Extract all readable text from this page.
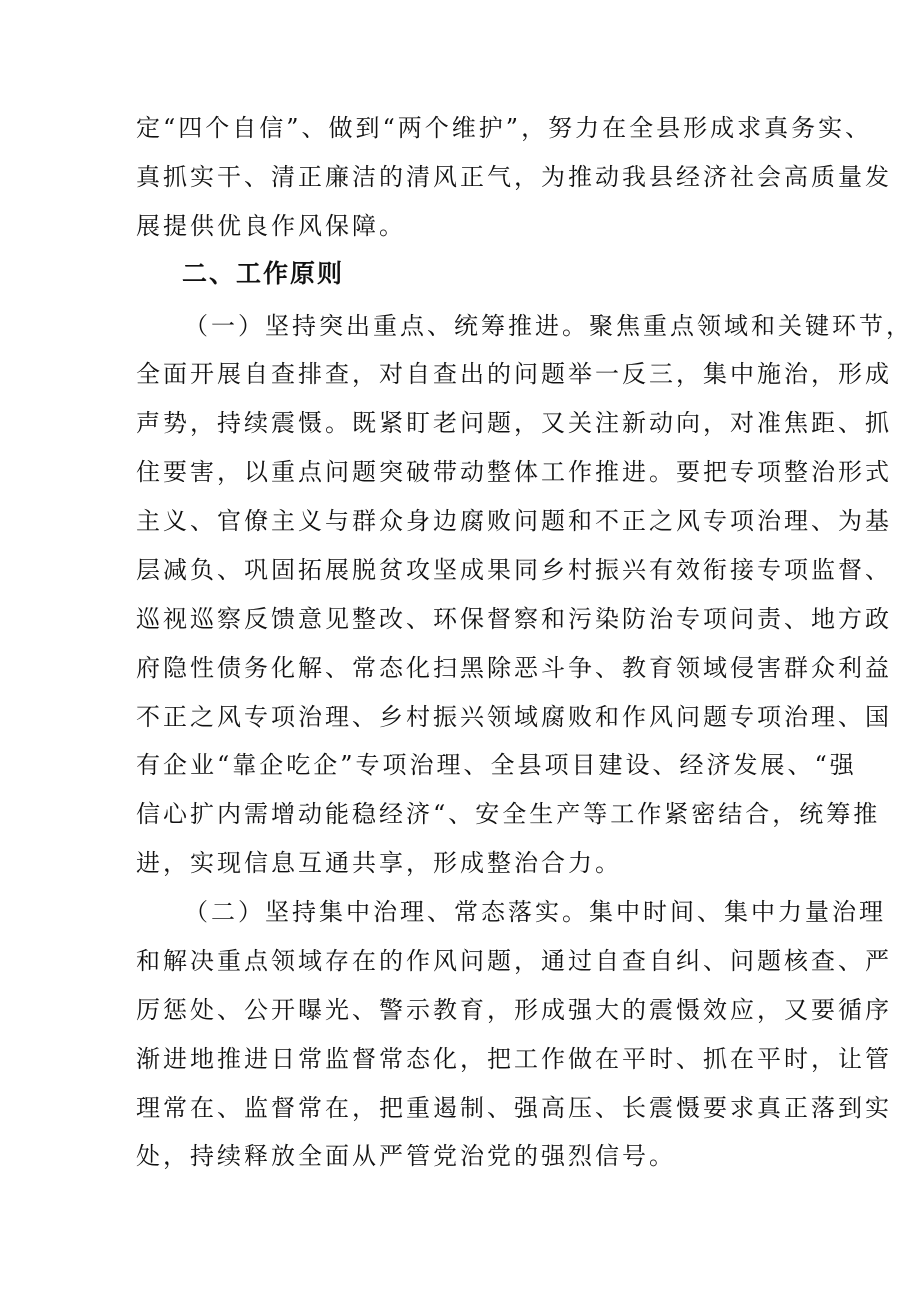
定“四个自信”、做到“两个维护”，努力在全县形成求真务实、

真抓实干、清正廉洁的清风正气，为推动我县经济社会高质量发

展提供优良作风保障。

二、工作原则

（一）坚持突出重点、统筹推进。聚焦重点领域和关键环节，

全面开展自查排查，对自查出的问题举一反三，集中施治，形成

声势，持续震慑。既紧盯老问题，又关注新动向，对准焦距、抓

住要害，以重点问题突破带动整体工作推进。要把专项整治形式

主义、官僚主义与群众身边腐败问题和不正之风专项治理、为基

层减负、巩固拓展脱贫攻坚成果同乡村振兴有效衔接专项监督、

巡视巡察反馈意见整改、环保督察和污染防治专项问责、地方政

府隐性债务化解、常态化扫黑除恶斗争、教育领域侵害群众利益

不正之风专项治理、乡村振兴领域腐败和作风问题专项治理、国

有企业“靠企吃企”专项治理、全县项目建设、经济发展、“强

信心扩内需增动能稳经济“、安全生产等工作紧密结合，统筹推

进，实现信息互通共享，形成整治合力。

（二）坚持集中治理、常态落实。集中时间、集中力量治理

和解决重点领域存在的作风问题，通过自查自纠、问题核查、严

厉惩处、公开曝光、警示教育，形成强大的震慑效应，又要循序

渐进地推进日常监督常态化，把工作做在平时、抓在平时，让管

理常在、监督常在，把重遏制、强高压、长震慑要求真正落到实

处，持续释放全面从严管党治党的强烈信号。
